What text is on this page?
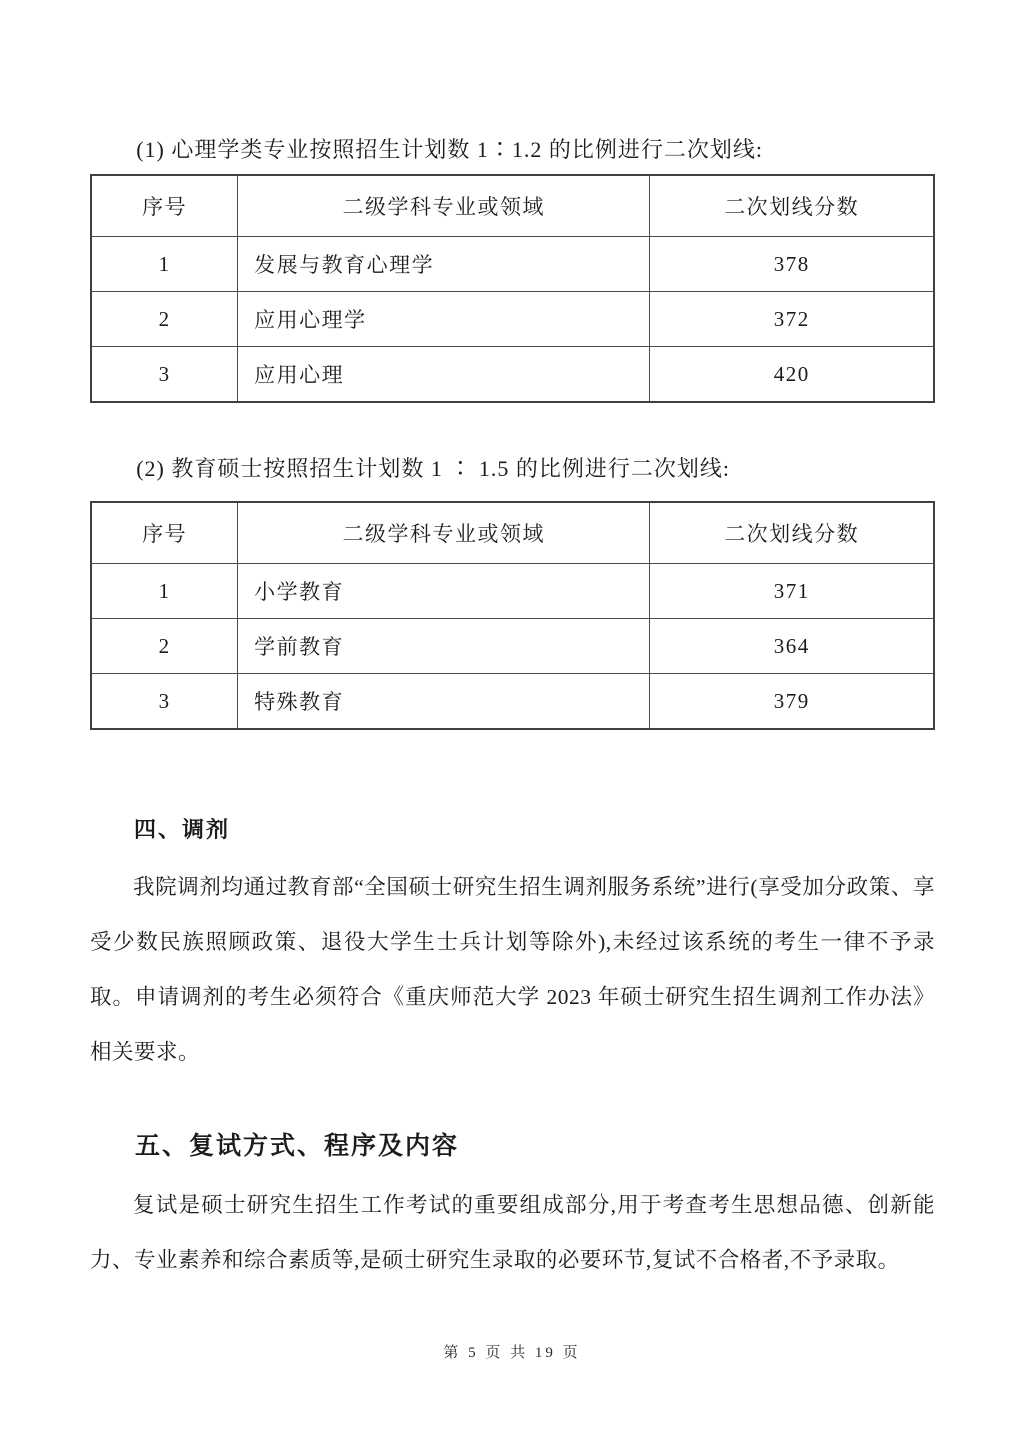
(1) 心理学类专业按照招生计划数 1∶1.2 的比例进行二次划线:

序号	二级学科专业或领域	二次划线分数
1	发展与教育心理学	378
2	应用心理学	372
3	应用心理	420

(2) 教育硕士按照招生计划数 1 ∶ 1.5 的比例进行二次划线:

序号	二级学科专业或领域	二次划线分数
1	小学教育	371
2	学前教育	364
3	特殊教育	379
四、调剂

我院调剂均通过教育部“全国硕士研究生招生调剂服务系统”进行(享受加分政策、享受少数民族照顾政策、退役大学生士兵计划等除外),未经过该系统的考生一律不予录取。申请调剂的考生必须符合《重庆师范大学 2023 年硕士研究生招生调剂工作办法》相关要求。

五、复试方式、程序及内容

复试是硕士研究生招生工作考试的重要组成部分,用于考查考生思想品德、创新能力、专业素养和综合素质等,是硕士研究生录取的必要环节,复试不合格者,不予录取。

第 5 页 共 19 页
